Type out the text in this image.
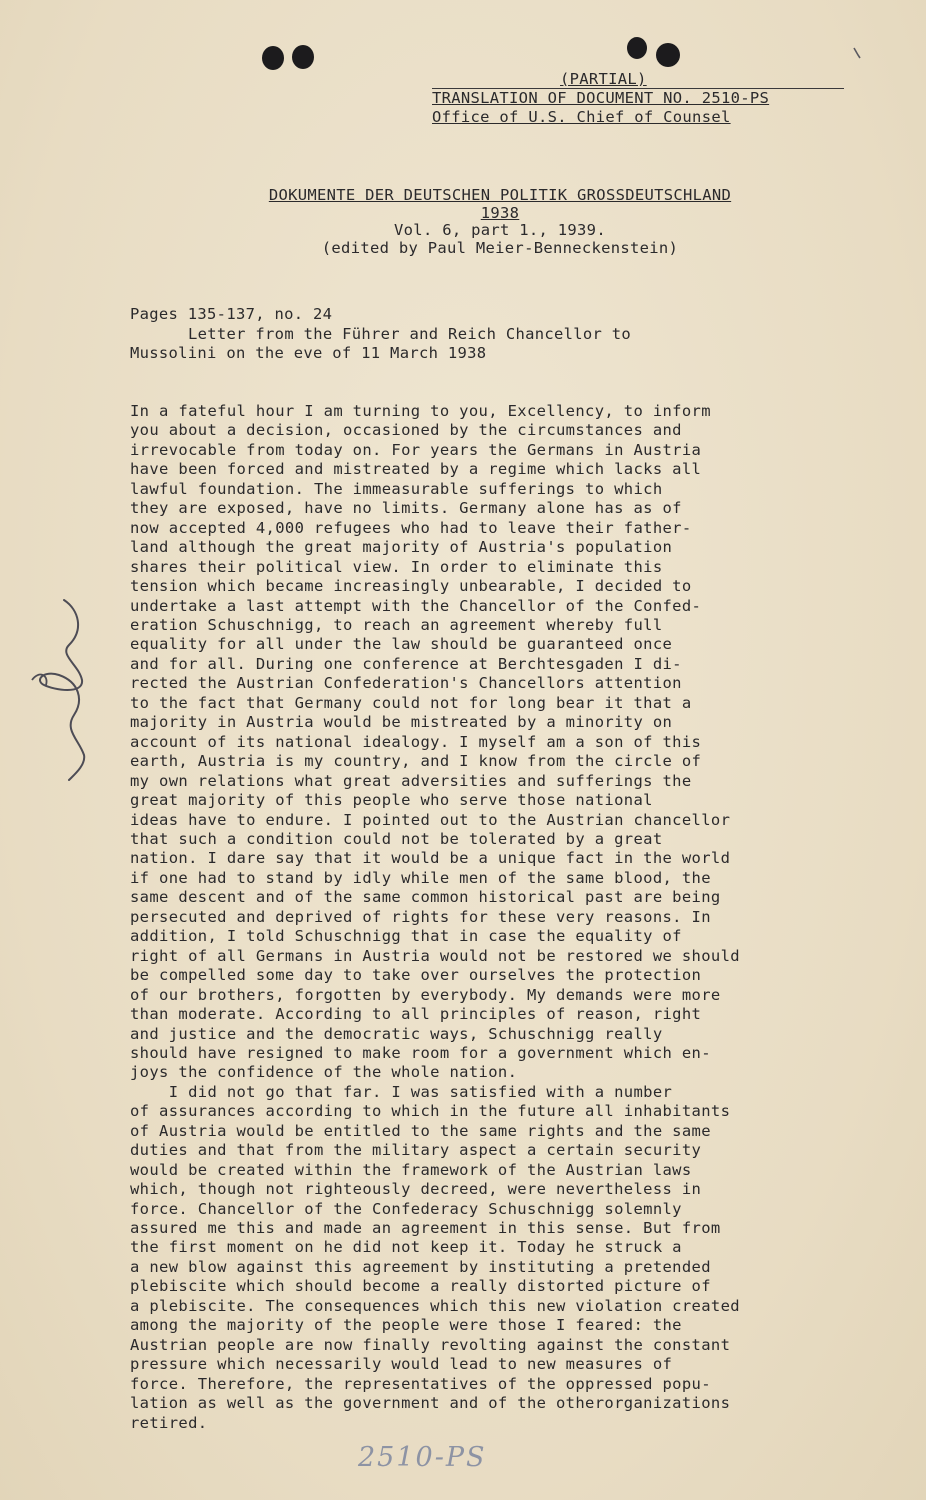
(PARTIAL)
TRANSLATION OF DOCUMENT NO. 2510-PS
Office of U.S. Chief of Counsel
DOKUMENTE DER DEUTSCHEN POLITIK GROSSDEUTSCHLAND
1938
Vol. 6, part 1., 1939.
(edited by Paul Meier-Benneckenstein)
Pages 135-137, no. 24
Letter from the Führer and Reich Chancellor to
Mussolini on the eve of 11 March 1938
In a fateful hour I am turning to you, Excellency, to inform
you about a decision, occasioned by the circumstances and
irrevocable from today on. For years the Germans in Austria
have been forced and mistreated by a regime which lacks all
lawful foundation. The immeasurable sufferings to which
they are exposed, have no limits. Germany alone has as of
now accepted 4,000 refugees who had to leave their father-
land although the great majority of Austria's population
shares their political view. In order to eliminate this
tension which became increasingly unbearable, I decided to
undertake a last attempt with the Chancellor of the Confed-
eration Schuschnigg, to reach an agreement whereby full
equality for all under the law should be guaranteed once
and for all. During one conference at Berchtesgaden I di-
rected the Austrian Confederation's Chancellors attention
to the fact that Germany could not for long bear it that a
majority in Austria would be mistreated by a minority on
account of its national idealogy. I myself am a son of this
earth, Austria is my country, and I know from the circle of
my own relations what great adversities and sufferings the
great majority of this people who serve those national
ideas have to endure. I pointed out to the Austrian chancellor
that such a condition could not be tolerated by a great
nation. I dare say that it would be a unique fact in the world
if one had to stand by idly while men of the same blood, the
same descent and of the same common historical past are being
persecuted and deprived of rights for these very reasons. In
addition, I told Schuschnigg that in case the equality of
right of all Germans in Austria would not be restored we should
be compelled some day to take over ourselves the protection
of our brothers, forgotten by everybody. My demands were more
than moderate. According to all principles of reason, right
and justice and the democratic ways, Schuschnigg really
should have resigned to make room for a government which en-
joys the confidence of the whole nation.
I did not go that far. I was satisfied with a number
of assurances according to which in the future all inhabitants
of Austria would be entitled to the same rights and the same
duties and that from the military aspect a certain security
would be created within the framework of the Austrian laws
which, though not righteously decreed, were nevertheless in
force. Chancellor of the Confederacy Schuschnigg solemnly
assured me this and made an agreement in this sense. But from
the first moment on he did not keep it. Today he struck a
a new blow against this agreement by instituting a pretended
plebiscite which should become a really distorted picture of
a plebiscite. The consequences which this new violation created
among the majority of the people were those I feared: the
Austrian people are now finally revolting against the constant
pressure which necessarily would lead to new measures of
force. Therefore, the representatives of the oppressed popu-
lation as well as the government and of the otherorganizations
retired.
2510-PS
